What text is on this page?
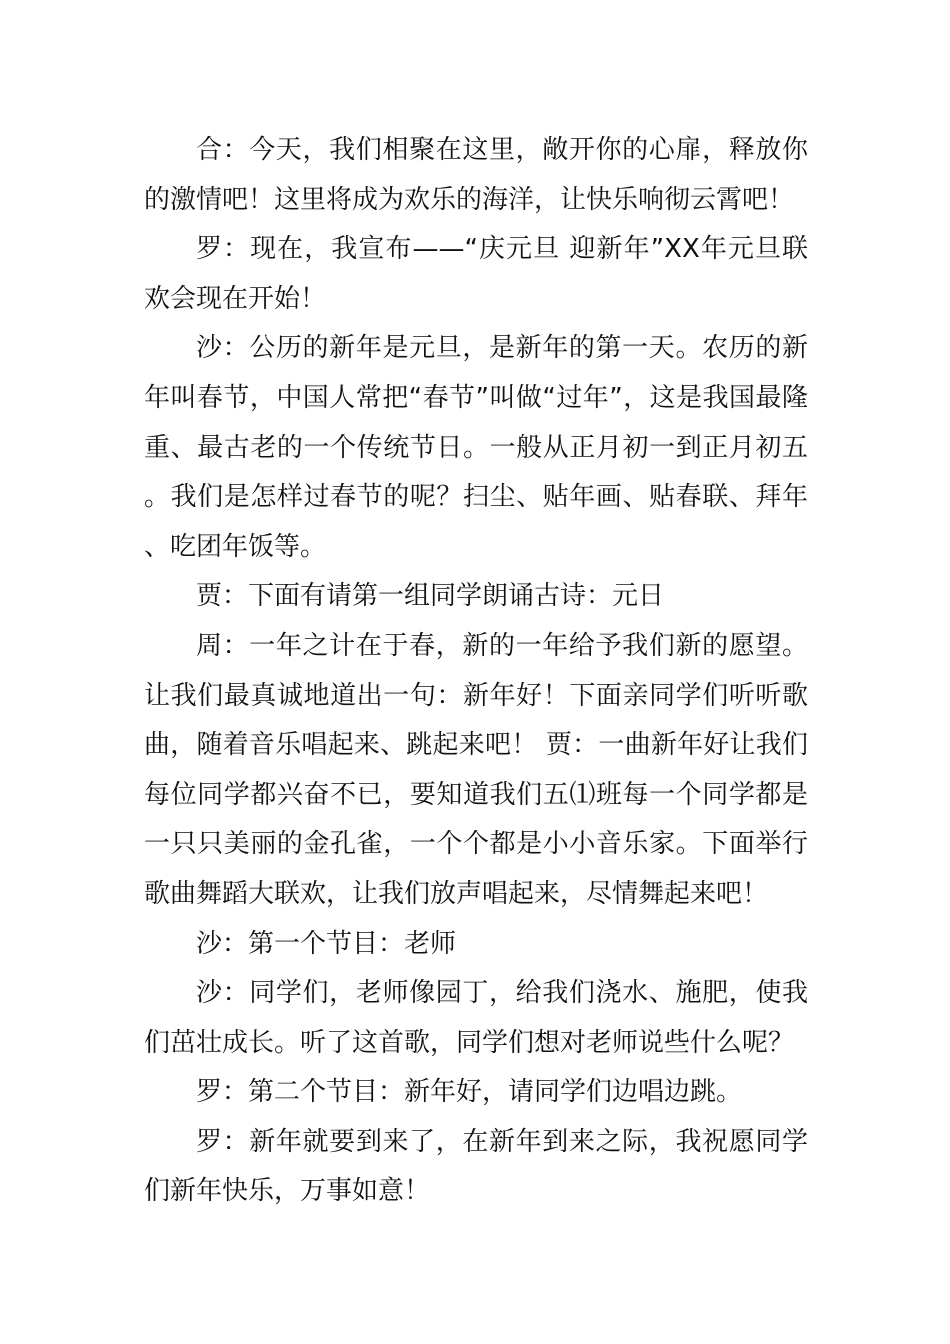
合：今天，我们相聚在这里，敞开你的心扉，释放你的激情吧！这里将成为欢乐的海洋，让快乐响彻云霄吧！

罗：现在，我宣布——“庆元旦 迎新年”XX年元旦联欢会现在开始！

沙：公历的新年是元旦，是新年的第一天。农历的新年叫春节，中国人常把“春节”叫做“过年”，这是我国最隆重、最古老的一个传统节日。一般从正月初一到正月初五。我们是怎样过春节的呢？扫尘、贴年画、贴春联、拜年、吃团年饭等。

贾：下面有请第一组同学朗诵古诗：元日

周：一年之计在于春，新的一年给予我们新的愿望。让我们最真诚地道出一句：新年好！下面亲同学们听听歌曲，随着音乐唱起来、跳起来吧！ 贾：一曲新年好让我们每位同学都兴奋不已，要知道我们五⑴班每一个同学都是一只只美丽的金孔雀，一个个都是小小音乐家。下面举行歌曲舞蹈大联欢，让我们放声唱起来，尽情舞起来吧！

沙：第一个节目：老师

沙：同学们，老师像园丁，给我们浇水、施肥，使我们茁壮成长。听了这首歌，同学们想对老师说些什么呢？

罗：第二个节目：新年好，请同学们边唱边跳。

罗：新年就要到来了，在新年到来之际，我祝愿同学们新年快乐，万事如意！
